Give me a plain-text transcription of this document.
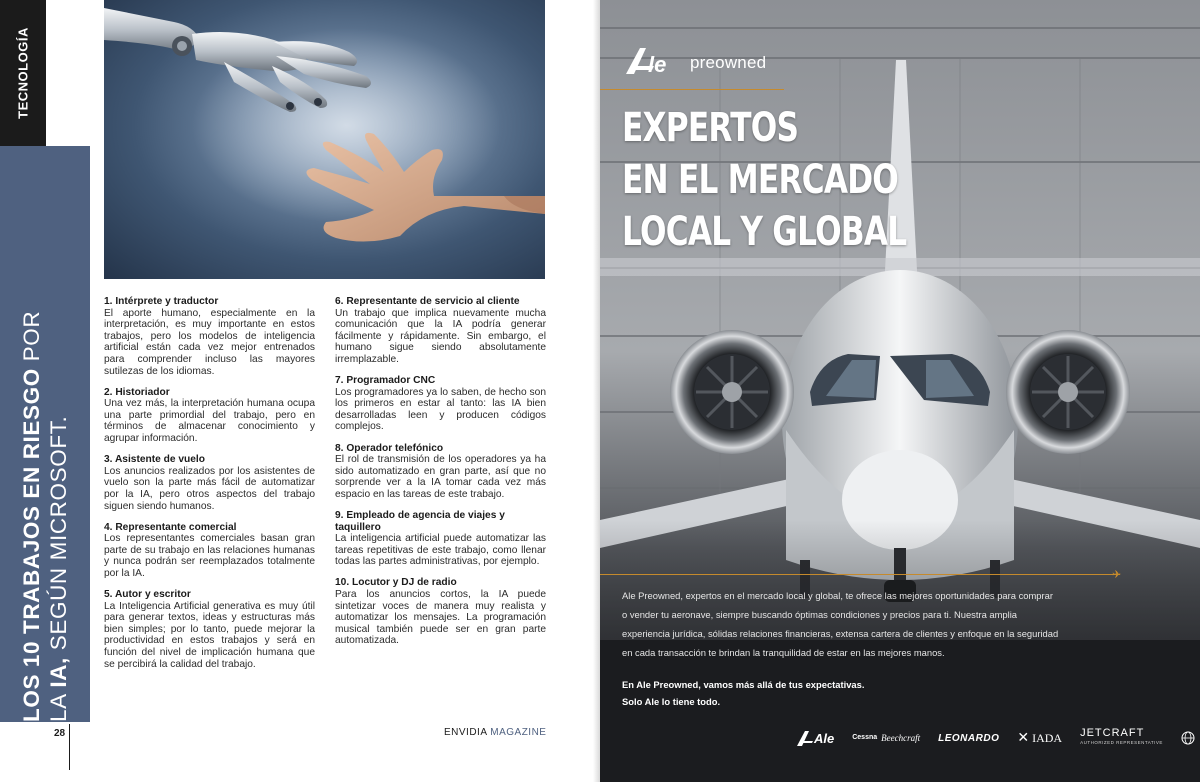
TECNOLOGÍA
LOS 10 TRABAJOS EN RIESGO POR
LA IA, SEGÚN MICROSOFT.
1. Intérprete y traductor

El aporte humano, especialmente en la interpretación, es muy importante en estos trabajos, pero los modelos de inteligencia artificial están cada vez mejor entrenados para comprender incluso las mayores sutilezas de los idiomas.

2. Historiador

Una vez más, la interpretación humana ocupa una parte primordial del trabajo, pero en términos de almacenar conocimiento y agrupar información.

3. Asistente de vuelo

Los anuncios realizados por los asistentes de vuelo son la parte más fácil de automatizar por la IA, pero otros aspectos del trabajo siguen siendo humanos.

4. Representante comercial

Los representantes comerciales basan gran parte de su trabajo en las relaciones humanas y nunca podrán ser reemplazados totalmente por la IA.

5. Autor y escritor

La Inteligencia Artificial generativa es muy útil para generar textos, ideas y estructuras más bien simples; por lo tanto, puede mejorar la productividad en estos trabajos y será en función del nivel de implicación humana que se percibirá la calidad del trabajo.

6. Representante de servicio al cliente

Un trabajo que implica nuevamente mucha comunicación que la IA podría generar fácilmente y rápidamente. Sin embargo, el humano sigue siendo absolutamente irremplazable.

7. Programador CNC

Los programadores ya lo saben, de hecho son los primeros en estar al tanto: las IA bien desarrolladas leen y producen códigos complejos.

8. Operador telefónico

El rol de transmisión de los operadores ya ha sido automatizado en gran parte, así que no sorprende ver a la IA tomar cada vez más espacio en las tareas de este trabajo.

9. Empleado de agencia de viajes y taquillero

La inteligencia artificial puede automatizar las tareas repetitivas de este trabajo, como llenar todas las partes administrativas, por ejemplo.

10. Locutor y DJ de radio

Para los anuncios cortos, la IA puede sintetizar voces de manera muy realista y automatizar los mensajes. La programación musical también puede ser en gran parte automatizada.

28	ENVIDIA MAGAZINE
le preowned
EXPERTOS
EN EL MERCADO
LOCAL Y GLOBAL
✈
Ale Preowned, expertos en el mercado local y global, te ofrece las mejores oportunidades para comprar
o vender tu aeronave, siempre buscando óptimas condiciones y precios para ti. Nuestra amplia
experiencia jurídica, sólidas relaciones financieras, extensa cartera de clientes y enfoque en la seguridad
en cada transacción te brindan la tranquilidad de estar en las mejores manos.
En Ale Preowned, vamos más allá de tus expectativas.
Solo Ale lo tiene todo.
Ale	Cessna Beechcraft LEONARDO ✕ IADA JETCRAFT
AUTHORIZED REPRESENTATIVE
